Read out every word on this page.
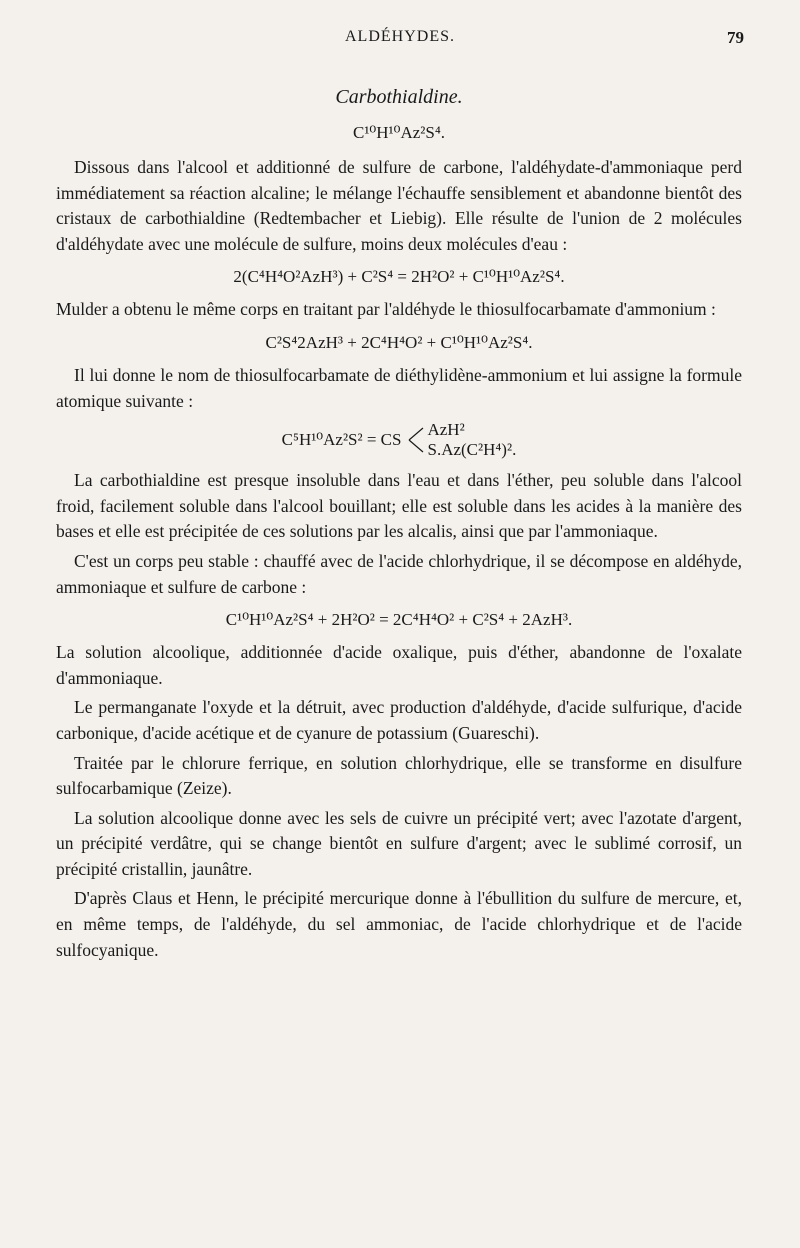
ALDÉHYDES.	79
Carbothialdine.
C¹⁰H¹⁰Az²S⁴.

Dissous dans l'alcool et additionné de sulfure de carbone, l'aldéhydate-d'ammoniaque perd immédiatement sa réaction alcaline; le mélange l'échauffe sensiblement et abandonne bientôt des cristaux de carbothialdine (Redtembacher et Liebig). Elle résulte de l'union de 2 molécules d'aldéhydate avec une molécule de sulfure, moins deux molécules d'eau :

2(C⁴H⁴O²AzH³) + C²S⁴ = 2H²O² + C¹⁰H¹⁰Az²S⁴.

Mulder a obtenu le même corps en traitant par l'aldéhyde le thiosulfocarbamate d'ammonium :

C²S⁴2AzH³ + 2C⁴H⁴O² + C¹⁰H¹⁰Az²S⁴.

Il lui donne le nom de thiosulfocarbamate de diéthylidène-ammonium et lui assigne la formule atomique suivante :

C⁵H¹⁰Az²S² = CS
AzH²
S.Az(C²H⁴)².

La carbothialdine est presque insoluble dans l'eau et dans l'éther, peu soluble dans l'alcool froid, facilement soluble dans l'alcool bouillant; elle est soluble dans les acides à la manière des bases et elle est précipitée de ces solutions par les alcalis, ainsi que par l'ammoniaque.

C'est un corps peu stable : chauffé avec de l'acide chlorhydrique, il se décompose en aldéhyde, ammoniaque et sulfure de carbone :

C¹⁰H¹⁰Az²S⁴ + 2H²O² = 2C⁴H⁴O² + C²S⁴ + 2AzH³.

La solution alcoolique, additionnée d'acide oxalique, puis d'éther, abandonne de l'oxalate d'ammoniaque.

Le permanganate l'oxyde et la détruit, avec production d'aldéhyde, d'acide sulfurique, d'acide carbonique, d'acide acétique et de cyanure de potassium (Guareschi).

Traitée par le chlorure ferrique, en solution chlorhydrique, elle se transforme en disulfure sulfocarbamique (Zeize).

La solution alcoolique donne avec les sels de cuivre un précipité vert; avec l'azotate d'argent, un précipité verdâtre, qui se change bientôt en sulfure d'argent; avec le sublimé corrosif, un précipité cristallin, jaunâtre.

D'après Claus et Henn, le précipité mercurique donne à l'ébullition du sulfure de mercure, et, en même temps, de l'aldéhyde, du sel ammoniac, de l'acide chlorhydrique et de l'acide sulfocyanique.
